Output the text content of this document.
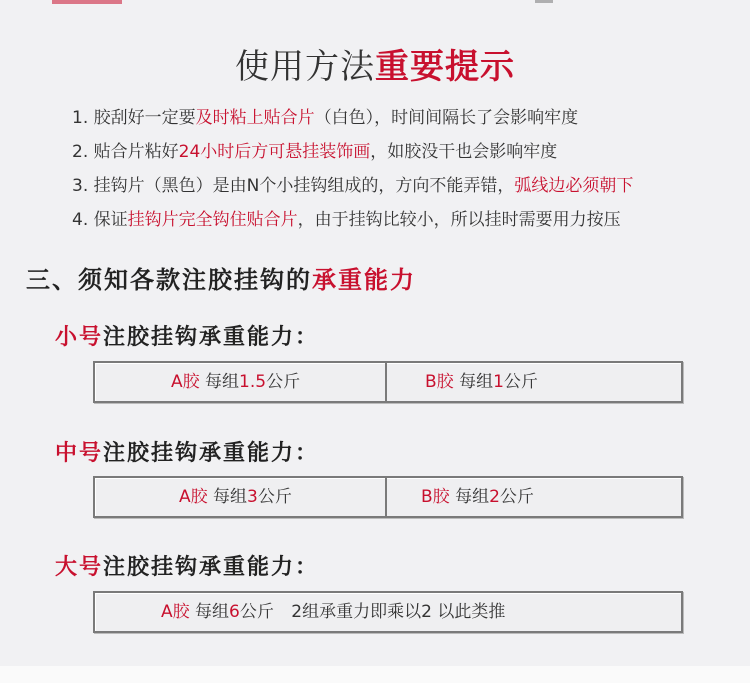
使用方法重要提示
1. 胶刮好一定要及时粘上贴合片（白色），时间间隔长了会影响牢度
2. 贴合片粘好24小时后方可悬挂装饰画，如胶没干也会影响牢度
3. 挂钩片（黑色）是由N个小挂钩组成的，方向不能弄错，弧线边必须朝下
4. 保证挂钩片完全钩住贴合片，由于挂钩比较小，所以挂时需要用力按压
三、须知各款注胶挂钩的承重能力
小号注胶挂钩承重能力：
A胶 每组1.5公斤	B胶 每组1公斤
中号注胶挂钩承重能力：
A胶 每组3公斤	B胶 每组2公斤
大号注胶挂钩承重能力：
A胶 每组6公斤 2组承重力即乘以2 以此类推
